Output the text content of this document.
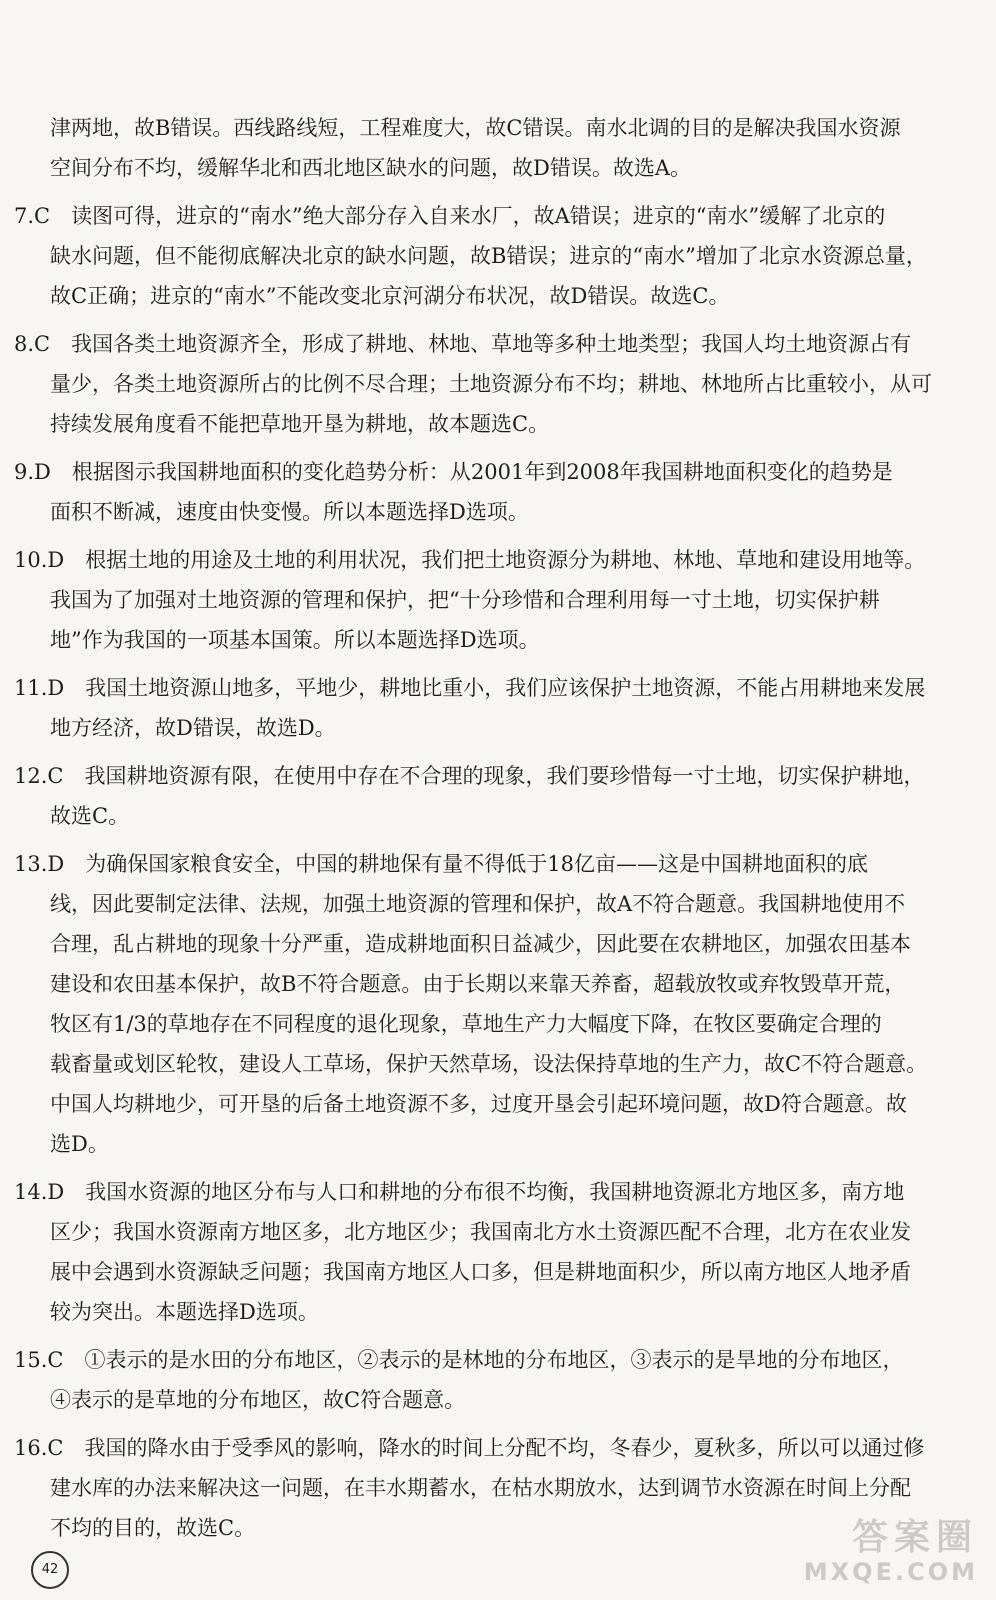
津两地，故B错误。西线路线短，工程难度大，故C错误。南水北调的目的是解决我国水资源
空间分布不均，缓解华北和西北地区缺水的问题，故D错误。故选A。
7.C　读图可得，进京的“南水”绝大部分存入自来水厂，故A错误；进京的“南水”缓解了北京的
缺水问题，但不能彻底解决北京的缺水问题，故B错误；进京的“南水”增加了北京水资源总量，
故C正确；进京的“南水”不能改变北京河湖分布状况，故D错误。故选C。
8.C　我国各类土地资源齐全，形成了耕地、林地、草地等多种土地类型；我国人均土地资源占有
量少，各类土地资源所占的比例不尽合理；土地资源分布不均；耕地、林地所占比重较小，从可
持续发展角度看不能把草地开垦为耕地，故本题选C。
9.D　根据图示我国耕地面积的变化趋势分析：从2001年到2008年我国耕地面积变化的趋势是
面积不断减，速度由快变慢。所以本题选择D选项。
10.D　根据土地的用途及土地的利用状况，我们把土地资源分为耕地、林地、草地和建设用地等。
我国为了加强对土地资源的管理和保护，把“十分珍惜和合理利用每一寸土地，切实保护耕
地”作为我国的一项基本国策。所以本题选择D选项。
11.D　我国土地资源山地多，平地少，耕地比重小，我们应该保护土地资源，不能占用耕地来发展
地方经济，故D错误，故选D。
12.C　我国耕地资源有限，在使用中存在不合理的现象，我们要珍惜每一寸土地，切实保护耕地，
故选C。
13.D　为确保国家粮食安全，中国的耕地保有量不得低于18亿亩——这是中国耕地面积的底
线，因此要制定法律、法规，加强土地资源的管理和保护，故A不符合题意。我国耕地使用不
合理，乱占耕地的现象十分严重，造成耕地面积日益减少，因此要在农耕地区，加强农田基本
建设和农田基本保护，故B不符合题意。由于长期以来靠天养畜，超载放牧或弃牧毁草开荒，
牧区有1/3的草地存在不同程度的退化现象，草地生产力大幅度下降，在牧区要确定合理的
载畜量或划区轮牧，建设人工草场，保护天然草场，设法保持草地的生产力，故C不符合题意。
中国人均耕地少，可开垦的后备土地资源不多，过度开垦会引起环境问题，故D符合题意。故
选D。
14.D　我国水资源的地区分布与人口和耕地的分布很不均衡，我国耕地资源北方地区多，南方地
区少；我国水资源南方地区多，北方地区少；我国南北方水土资源匹配不合理，北方在农业发
展中会遇到水资源缺乏问题；我国南方地区人口多，但是耕地面积少，所以南方地区人地矛盾
较为突出。本题选择D选项。
15.C　①表示的是水田的分布地区，②表示的是林地的分布地区，③表示的是旱地的分布地区，
④表示的是草地的分布地区，故C符合题意。
16.C　我国的降水由于受季风的影响，降水的时间上分配不均，冬春少，夏秋多，所以可以通过修
建水库的办法来解决这一问题，在丰水期蓄水，在枯水期放水，达到调节水资源在时间上分配
不均的目的，故选C。
42
答案圈
MXQE.COM
